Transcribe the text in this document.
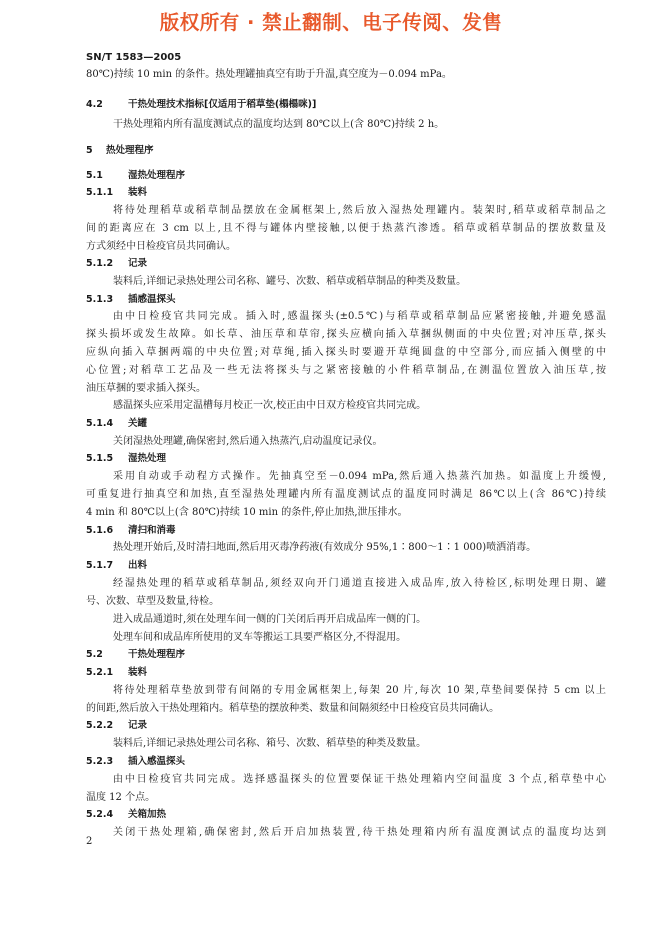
版权所有 · 禁止翻制、电子传阅、发售
SN/T 1583—2005
80℃)持续 10 min 的条件。热处理罐抽真空有助于升温,真空度为－0.094 mPa。
4.2	干热处理技术指标[仅适用于稻草垫(榻榻咪)]
干热处理箱内所有温度测试点的温度均达到 80℃以上(含 80℃)持续 2 h。
5 热处理程序
5.1	湿热处理程序
5.1.1 装料
将待处理稻草或稻草制品摆放在金属框架上,然后放入湿热处理罐内。装架时,稻草或稻草制品之
间的距离应在 3 cm 以上,且不得与罐体内壁接触,以便于热蒸汽渗透。稻草或稻草制品的摆放数量及
方式须经中日检疫官员共同确认。
5.1.2 记录
装料后,详细记录热处理公司名称、罐号、次数、稻草或稻草制品的种类及数量。
5.1.3 插感温探头
由中日检疫官共同完成。插入时,感温探头(±0.5℃)与稻草或稻草制品应紧密接触,并避免感温
探头损坏或发生故障。如长草、油压草和草帘,探头应横向插入草捆纵侧面的中央位置;对冲压草,探头
应纵向插入草捆两端的中央位置;对草绳,插入探头时要避开草绳圆盘的中空部分,而应插入侧壁的中
心位置;对稻草工艺品及一些无法将探头与之紧密接触的小件稻草制品,在测温位置放入油压草,按
油压草捆的要求插入探头。
感温探头应采用定温槽每月校正一次,校正由中日双方检疫官共同完成。
5.1.4 关罐
关闭湿热处理罐,确保密封,然后通入热蒸汽,启动温度记录仪。
5.1.5 湿热处理
采用自动或手动程方式操作。先抽真空至－0.094 mPa,然后通入热蒸汽加热。如温度上升缓慢,
可重复进行抽真空和加热,直至湿热处理罐内所有温度测试点的温度同时满足 86℃以上(含 86℃)持续
4 min 和 80℃以上(含 80℃)持续 10 min 的条件,停止加热,泄压排水。
5.1.6 清扫和消毒
热处理开始后,及时清扫地面,然后用灭毒净药液(有效成分 95%,1∶800～1∶1 000)喷洒消毒。
5.1.7 出料
经湿热处理的稻草或稻草制品,须经双向开门通道直接进入成品库,放入待检区,标明处理日期、罐
号、次数、草型及数量,待检。
进入成品通道时,须在处理车间一侧的门关闭后再开启成品库一侧的门。
处理车间和成品库所使用的叉车等搬运工具要严格区分,不得混用。
5.2	干热处理程序
5.2.1 装料
将待处理稻草垫放到带有间隔的专用金属框架上,每架 20 片,每次 10 架,草垫间要保持 5 cm 以上
的间距,然后放入干热处理箱内。稻草垫的摆放种类、数量和间隔须经中日检疫官员共同确认。
5.2.2 记录
装料后,详细记录热处理公司名称、箱号、次数、稻草垫的种类及数量。
5.2.3 插入感温探头
由中日检疫官共同完成。选择感温探头的位置要保证干热处理箱内空间温度 3 个点,稻草垫中心
温度 12 个点。
5.2.4 关箱加热
关闭干热处理箱,确保密封,然后开启加热装置,待干热处理箱内所有温度测试点的温度均达到
2
